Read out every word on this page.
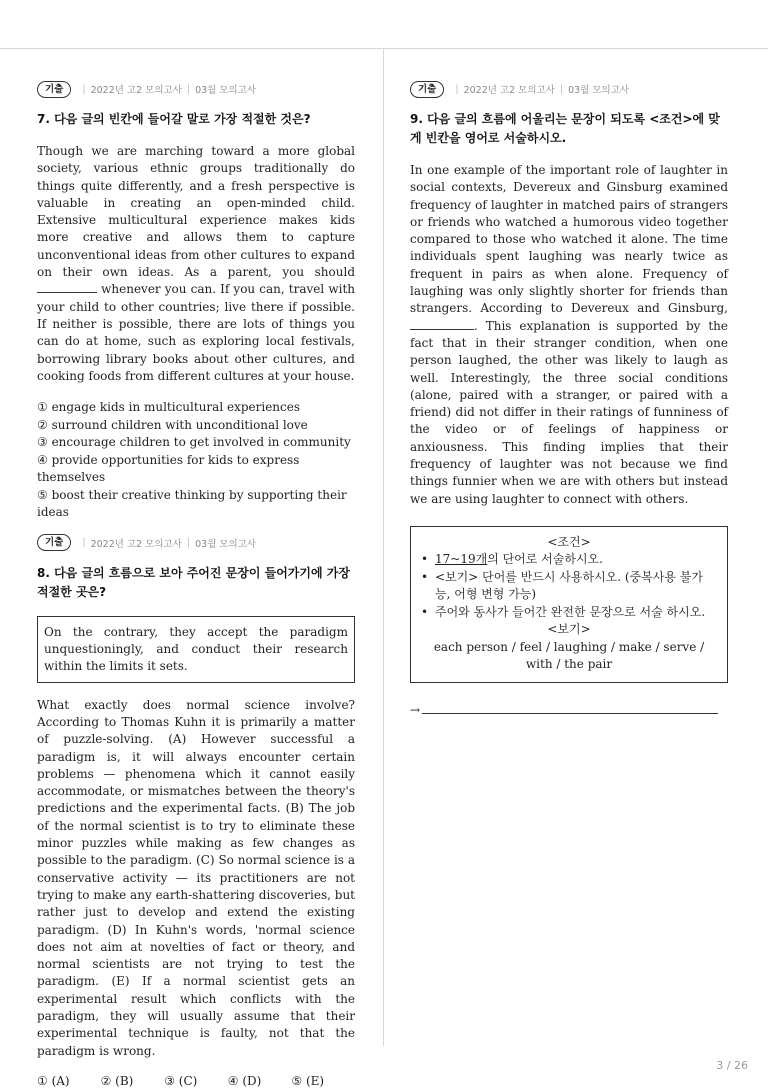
기출	| 2022년 고2 모의고사 | 03월 모의고사

7. 다음 글의 빈칸에 들어갈 말로 가장 적절한 것은?

Though we are marching toward a more global society, various ethnic groups traditionally do things quite differently, and a fresh perspective is valuable in creating an open-minded child. Extensive multicultural experience makes kids more creative and allows them to capture unconventional ideas from other cultures to expand on their own ideas. As a parent, you should  whenever you can. If you can, travel with your child to other countries; live there if possible. If neither is possible, there are lots of things you can do at home, such as exploring local festivals, borrowing library books about other cultures, and cooking foods from different cultures at your house.

① engage kids in multicultural experiences
② surround children with unconditional love
③ encourage children to get involved in community
④ provide opportunities for kids to express themselves
⑤ boost their creative thinking by supporting their ideas
기출	| 2022년 고2 모의고사 | 03월 모의고사

8. 다음 글의 흐름으로 보아 주어진 문장이 들어가기에 가장 적절한 곳은?

On the contrary, they accept the paradigm unquestioningly, and conduct their research within the limits it sets.

What exactly does normal science involve? According to Thomas Kuhn it is primarily a matter of puzzle-solving. (A) However successful a paradigm is, it will always encounter certain problems — phenomena which it cannot easily accommodate, or mismatches between the theory's predictions and the experimental facts. (B) The job of the normal scientist is to try to eliminate these minor puzzles while making as few changes as possible to the paradigm. (C) So normal science is a conservative activity — its practitioners are not trying to make any earth-shattering discoveries, but rather just to develop and extend the existing paradigm. (D) In Kuhn's words, 'normal science does not aim at novelties of fact or theory, and normal scientists are not trying to test the paradigm. (E) If a normal scientist gets an experimental result which conflicts with the paradigm, they will usually assume that their experimental technique is faulty, not that the paradigm is wrong.

① (A)	② (B)	③ (C)	④ (D)	⑤ (E)
기출	| 2022년 고2 모의고사 | 03월 모의고사

9. 다음 글의 흐름에 어울리는 문장이 되도록 <조건>에 맞게 빈칸을 영어로 서술하시오.

In one example of the important role of laughter in social contexts, Devereux and Ginsburg examined frequency of laughter in matched pairs of strangers or friends who watched a humorous video together compared to those who watched it alone. The time individuals spent laughing was nearly twice as frequent in pairs as when alone. Frequency of laughing was only slightly shorter for friends than strangers. According to Devereux and Ginsburg, . This explanation is supported by the fact that in their stranger condition, when one person laughed, the other was likely to laugh as well. Interestingly, the three social conditions (alone, paired with a stranger, or paired with a friend) did not differ in their ratings of funniness of the video or of feelings of happiness or anxiousness. This finding implies that their frequency of laughter was not because we find things funnier when we are with others but instead we are using laughter to connect with others.

<조건>
• 17~19개의 단어로 서술하시오.
• <보기> 단어를 반드시 사용하시오. (중복사용 불가능, 어형 변형 가능)
• 주어와 동사가 들어간 완전한 문장으로 서술 하시오.
<보기>
each person / feel / laughing / make / serve / with / the pair
→
3 / 26
